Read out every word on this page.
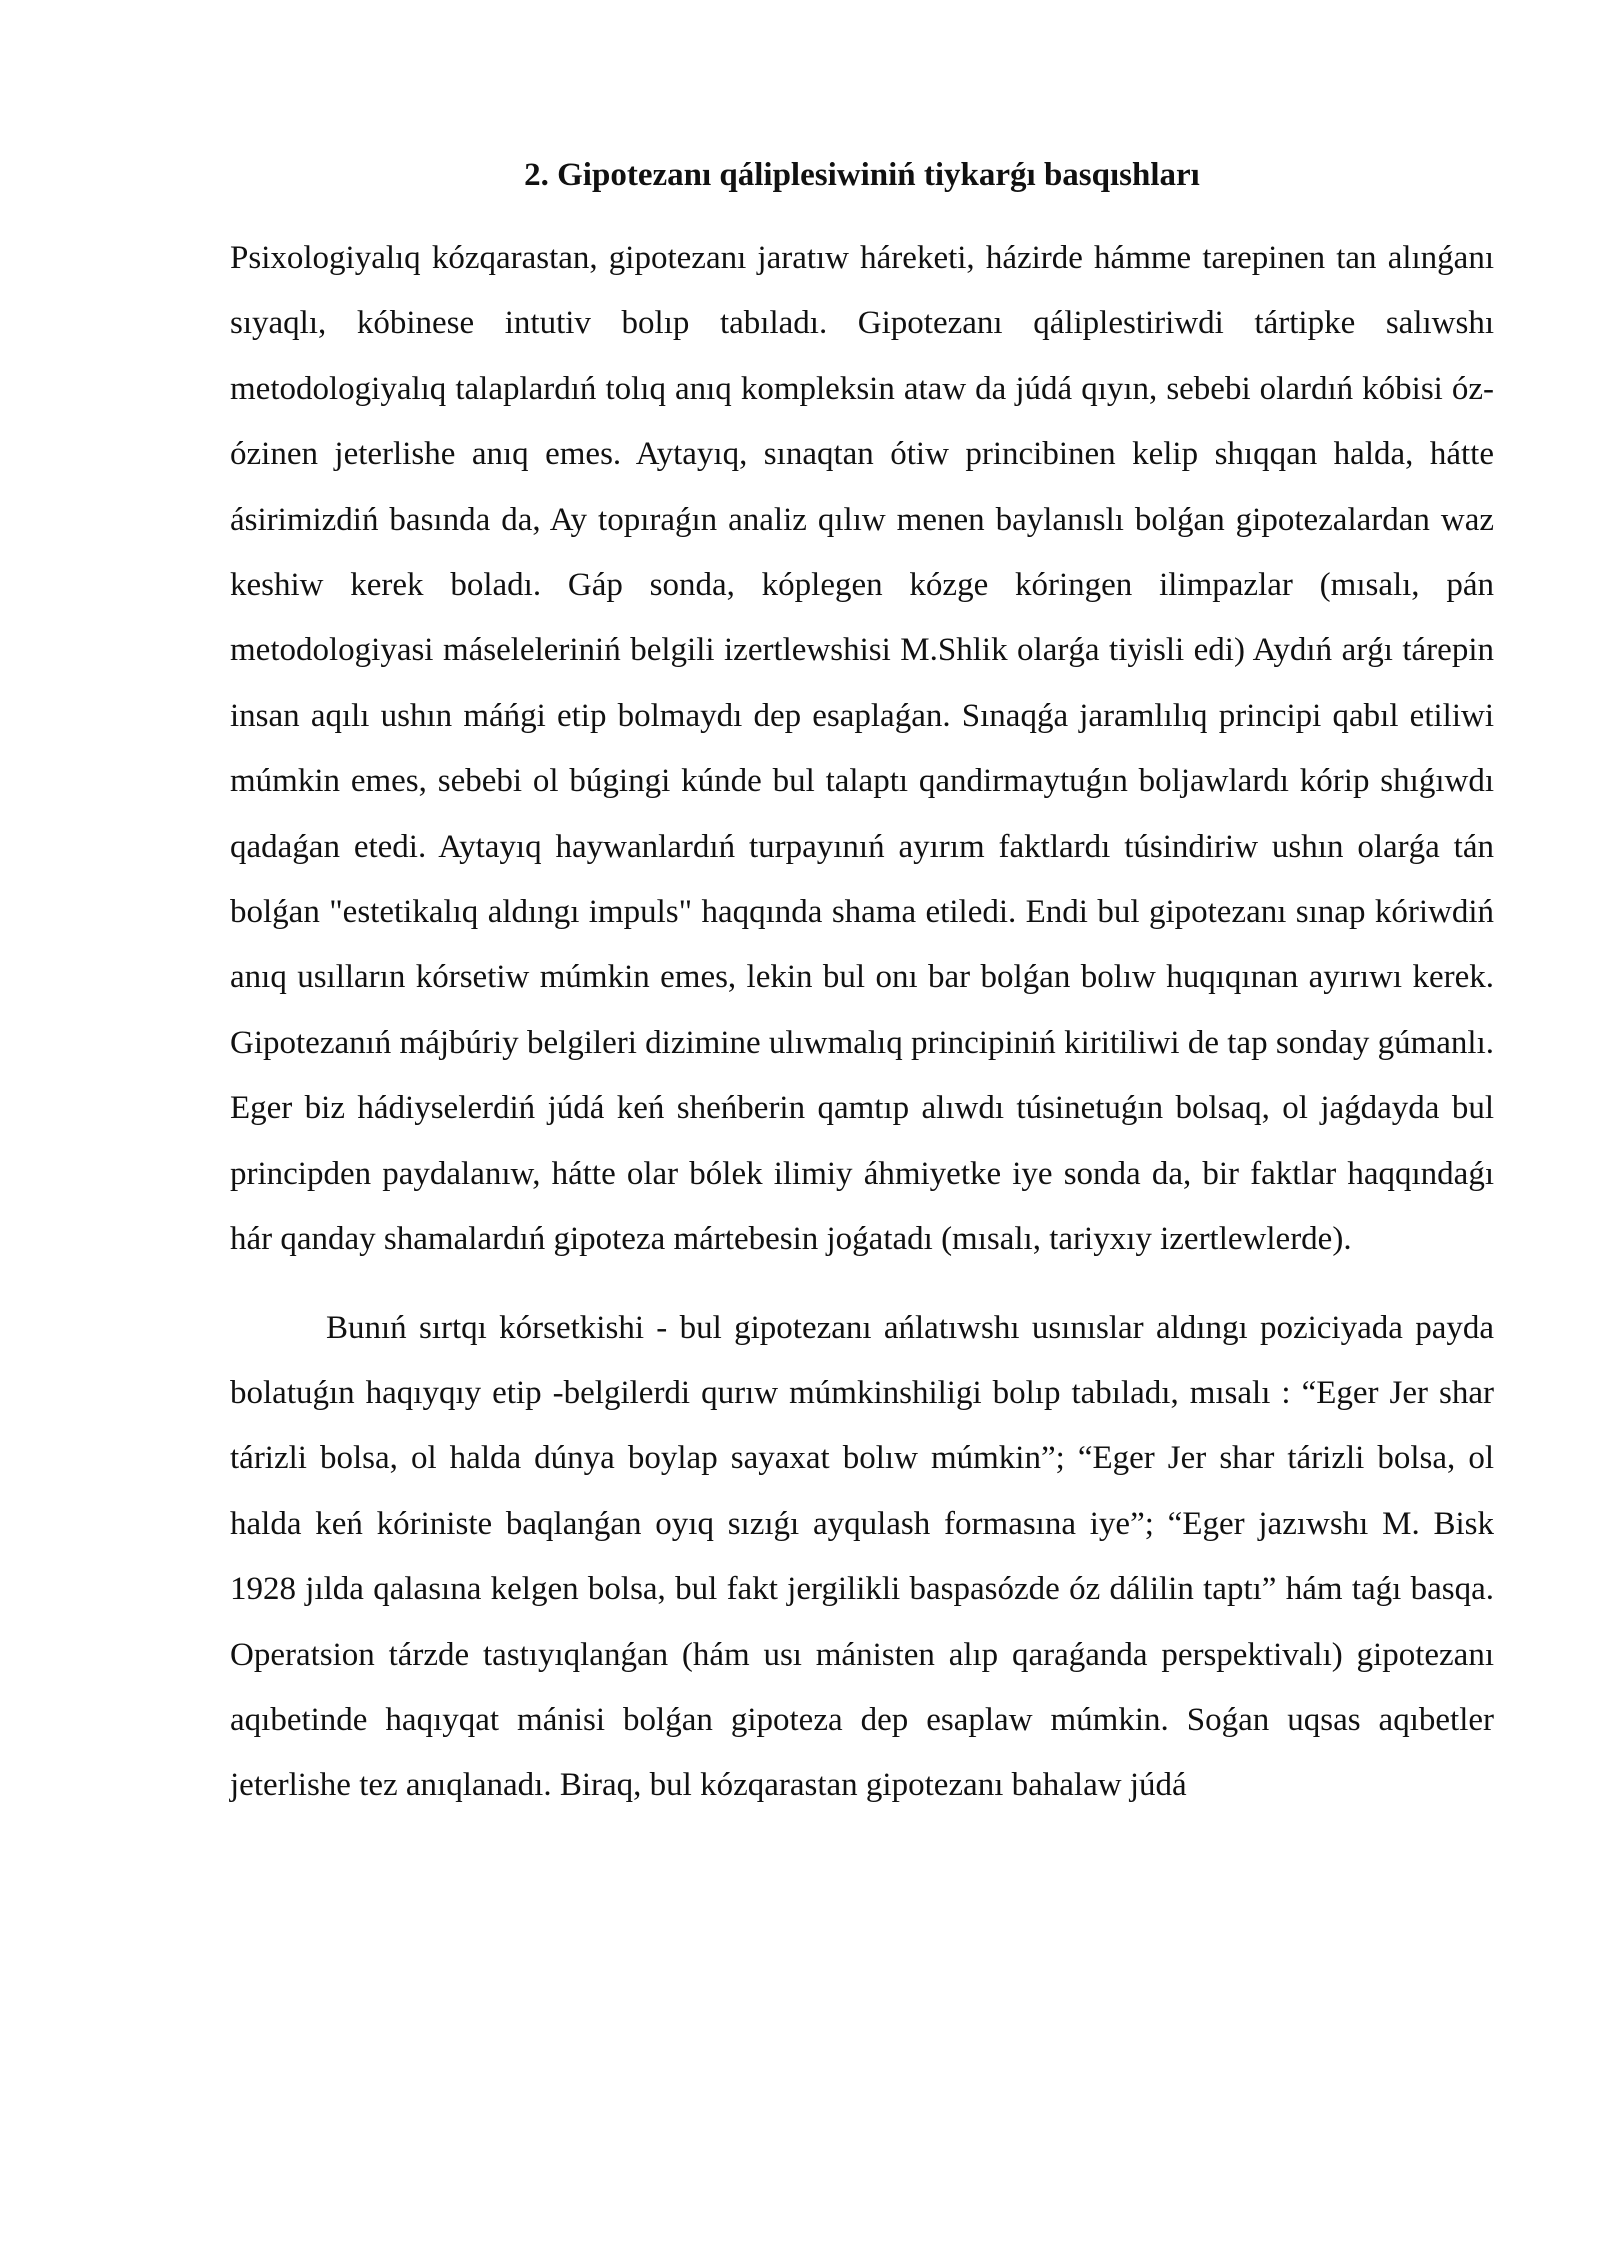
2. Gipotezanı qáliplesiwiniń tiykarǵı basqıshları

Psixologiyalıq kózqarastan, gipotezanı jaratıw háreketi, házirde hámme tarepinen tan alınǵanı sıyaqlı, kóbinese intutiv bolıp tabıladı. Gipotezanı qáliplestiriwdi tártipke salıwshı metodologiyalıq talaplardıń tolıq anıq kompleksin ataw da júdá qıyın, sebebi olardıń kóbisi óz-ózinen jeterlishe anıq emes. Aytayıq, sınaqtan ótiw princibinen kelip shıqqan halda, hátte ásirimizdiń basında da, Ay topıraǵın analiz qılıw menen baylanıslı bolǵan gipotezalardan waz keshiw kerek boladı. Gáp sonda, kóplegen kózge kóringen ilimpazlar (mısalı, pán metodologiyasi máseleleriniń belgili izertlewshisi M.Shlik olarǵa tiyisli edi) Aydıń arǵı tárepin insan aqılı ushın máńgi etip bolmaydı dep esaplaǵan. Sınaqǵa jaramlılıq principi qabıl etiliwi múmkin emes, sebebi ol búgingi kúnde bul talaptı qandirmaytuǵın boljawlardı kórip shıǵıwdı qadaǵan etedi. Aytayıq haywanlardıń turpayınıń ayırım faktlardı túsindiriw ushın olarǵa tán bolǵan "estetikalıq aldıngı impuls" haqqında shama etiledi. Endi bul gipotezanı sınap kóriwdiń anıq usılların kórsetiw múmkin emes, lekin bul onı bar bolǵan bolıw huqıqınan ayırıwı kerek. Gipotezanıń májbúriy belgileri dizimine ulıwmalıq principiniń kiritiliwi de tap sonday gúmanlı. Eger biz hádiyselerdiń júdá keń sheńberin qamtıp alıwdı túsinetuǵın bolsaq, ol jaǵdayda bul principden paydalanıw, hátte olar bólek ilimiy áhmiyetke iye sonda da, bir faktlar haqqındaǵı hár qanday shamalardıń gipoteza mártebesin joǵatadı (mısalı, tariyxıy izertlewlerde).

Bunıń sırtqı kórsetkishi - bul gipotezanı ańlatıwshı usınıslar aldıngı poziciyada payda bolatuǵın haqıyqıy etip -belgilerdi qurıw múmkinshiligi bolıp tabıladı, mısalı : “Eger Jer shar tárizli bolsa, ol halda dúnya boylap sayaxat bolıw múmkin”; “Eger Jer shar tárizli bolsa, ol halda keń kóriniste baqlanǵan oyıq sızıǵı ayqulash formasına iye”; “Eger jazıwshı M. Bisk 1928 jılda qalasına kelgen bolsa, bul fakt jergilikli baspasózde óz dálilin taptı” hám taǵı basqa. Operatsion tárzde tastıyıqlanǵan (hám usı mánisten alıp qaraǵanda perspektivalı) gipotezanı aqıbetinde haqıyqat mánisi bolǵan gipoteza dep esaplaw múmkin. Soǵan uqsas aqıbetler jeterlishe tez anıqlanadı. Biraq, bul kózqarastan gipotezanı bahalaw júdá
